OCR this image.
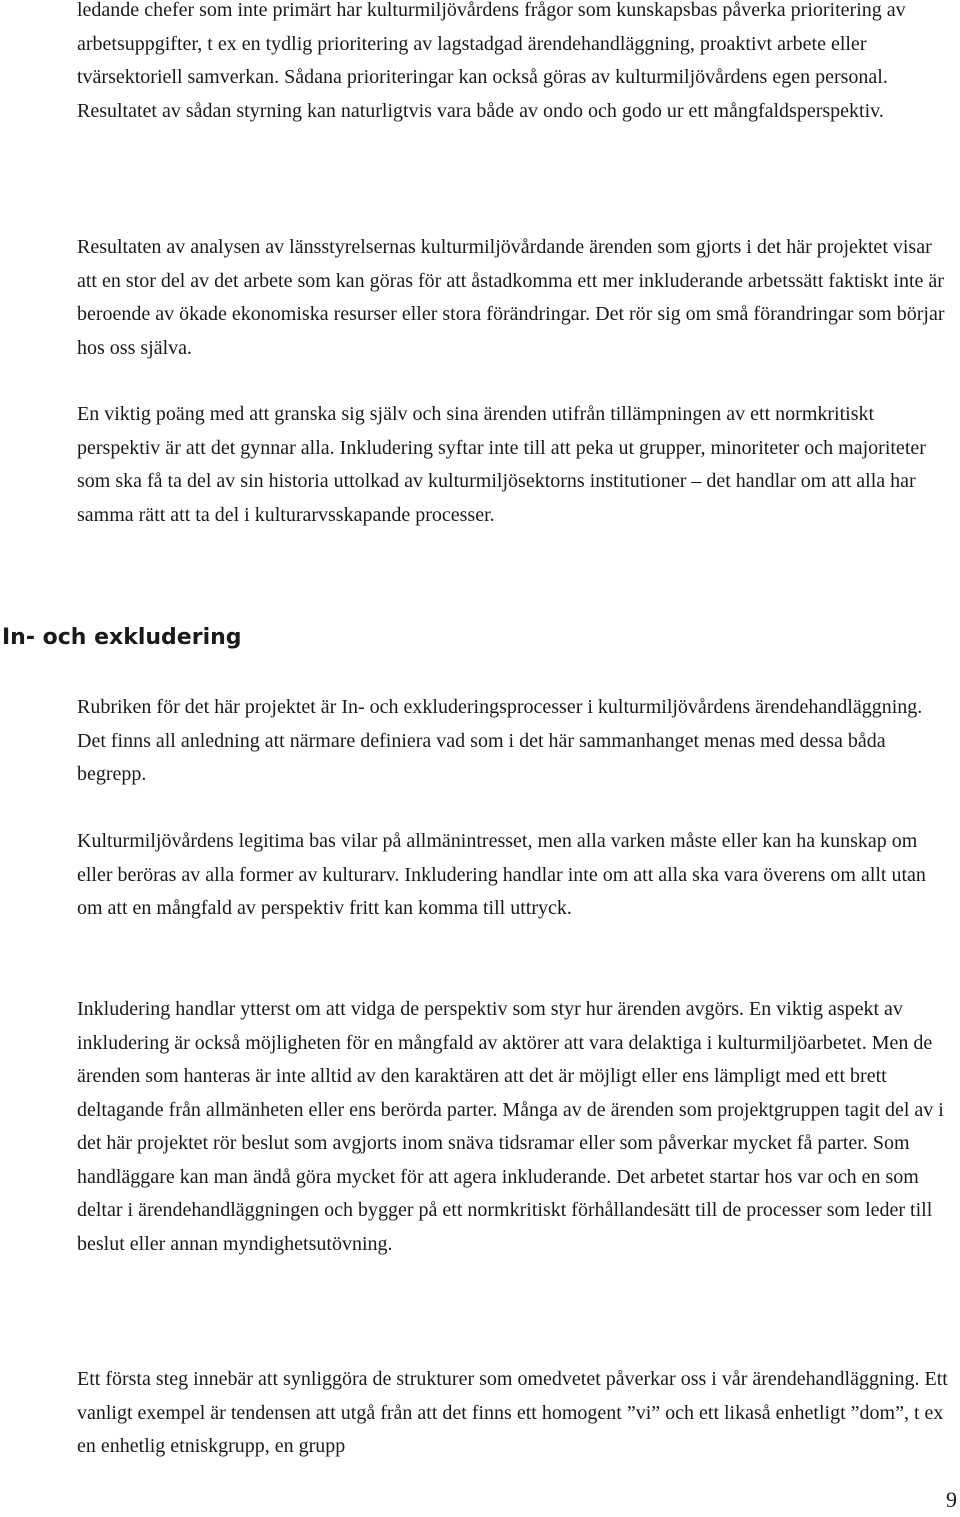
ledande chefer som inte primärt har kulturmiljövårdens frågor som kunskapsbas påverka prioritering av arbetsuppgifter, t ex en tydlig prioritering av lagstadgad ärendehandläggning, proaktivt arbete eller tvärsektoriell samverkan. Sådana prioriteringar kan också göras av kulturmiljövårdens egen personal. Resultatet av sådan styrning kan naturligtvis vara både av ondo och godo ur ett mångfaldsperspektiv.

Resultaten av analysen av länsstyrelsernas kulturmiljövårdande ärenden som gjorts i det här projektet visar att en stor del av det arbete som kan göras för att åstadkomma ett mer inkluderande arbetssätt faktiskt inte är beroende av ökade ekonomiska resurser eller stora förändringar. Det rör sig om små förandringar som börjar hos oss själva.

En viktig poäng med att granska sig själv och sina ärenden utifrån tillämpningen av ett normkritiskt perspektiv är att det gynnar alla. Inkludering syftar inte till att peka ut grupper, minoriteter och majoriteter som ska få ta del av sin historia uttolkad av kulturmiljösektorns institutioner – det handlar om att alla har samma rätt att ta del i kulturarvsskapande processer.

In- och exkludering

Rubriken för det här projektet är In- och exkluderingsprocesser i kulturmiljövårdens ärendehandläggning. Det finns all anledning att närmare definiera vad som i det här sammanhanget menas med dessa båda begrepp.

Kulturmiljövårdens legitima bas vilar på allmänintresset, men alla varken måste eller kan ha kunskap om eller beröras av alla former av kulturarv. Inkludering handlar inte om att alla ska vara överens om allt utan om att en mångfald av perspektiv fritt kan komma till uttryck.

Inkludering handlar ytterst om att vidga de perspektiv som styr hur ärenden avgörs. En viktig aspekt av inkludering är också möjligheten för en mångfald av aktörer att vara delaktiga i kulturmiljöarbetet. Men de ärenden som hanteras är inte alltid av den karaktären att det är möjligt eller ens lämpligt med ett brett deltagande från allmänheten eller ens berörda parter. Många av de ärenden som projektgruppen tagit del av i det här projektet rör beslut som avgjorts inom snäva tidsramar eller som påverkar mycket få parter. Som handläggare kan man ändå göra mycket för att agera inkluderande. Det arbetet startar hos var och en som deltar i ärendehandläggningen och bygger på ett normkritiskt förhållandesätt till de processer som leder till beslut eller annan myndighetsutövning.

Ett första steg innebär att synliggöra de strukturer som omedvetet påverkar oss i vår ärendehandläggning. Ett vanligt exempel är tendensen att utgå från att det finns ett homogent ”vi” och ett likaså enhetligt ”dom”, t ex en enhetlig etniskgrupp, en grupp

9
